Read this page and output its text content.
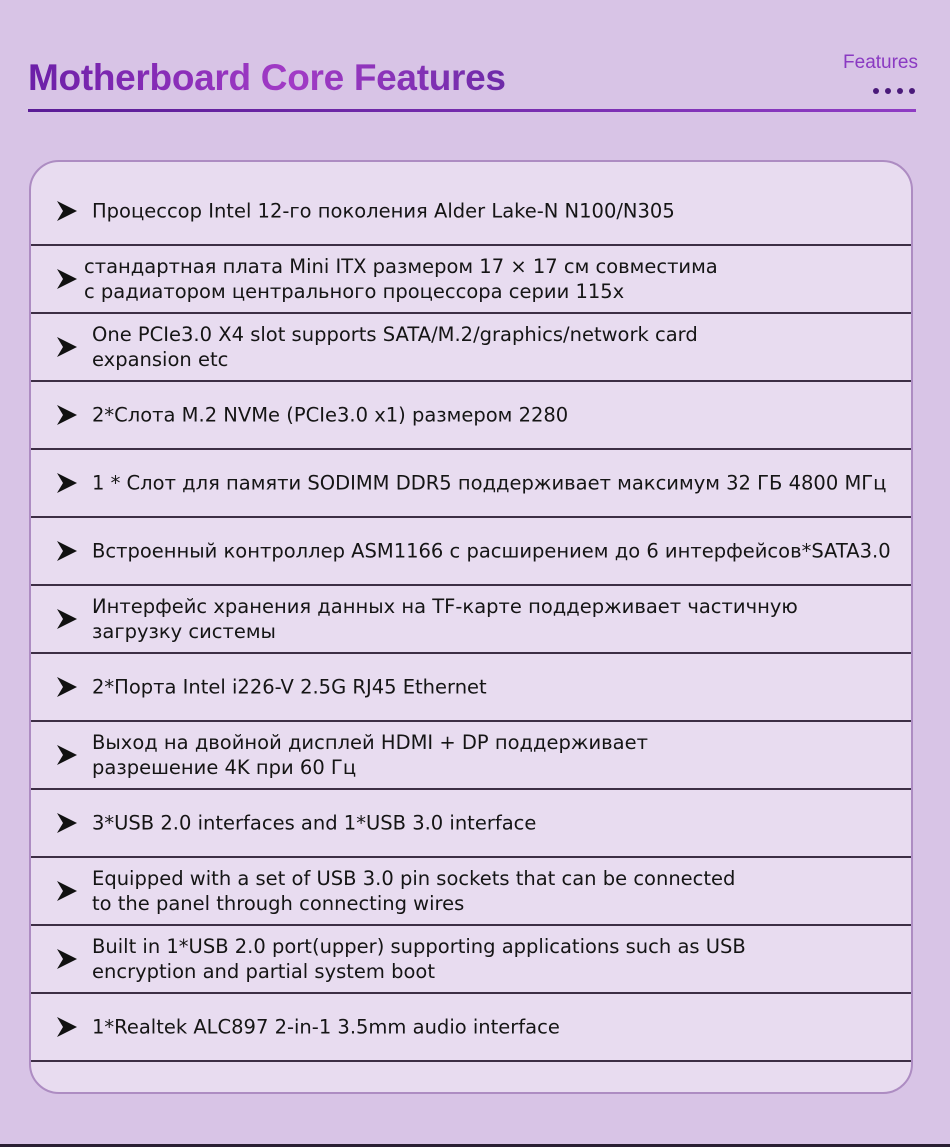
Motherboard Core Features	Features
Процессор Intel 12-го поколения Alder Lake-N N100/N305
стандартная плата Mini ITX размером 17 × 17 см совместима
с радиатором центрального процессора серии 115x
One PCIe3.0 X4 slot supports SATA/M.2/graphics/network card
expansion etc
2*Слота M.2 NVMe (PCIe3.0 x1) размером 2280
1 * Слот для памяти SODIMM DDR5 поддерживает максимум 32 ГБ 4800 МГц
Встроенный контроллер ASM1166 с расширением до 6 интерфейсов*SATA3.0
Интерфейс хранения данных на TF-карте поддерживает частичную
загрузку системы
2*Порта Intel i226-V 2.5G RJ45 Ethernet
Выход на двойной дисплей HDMI + DP поддерживает
разрешение 4K при 60 Гц
3*USB 2.0 interfaces and 1*USB 3.0 interface
Equipped with a set of USB 3.0 pin sockets that can be connected
to the panel through connecting wires
Built in 1*USB 2.0 port(upper) supporting applications such as USB
encryption and partial system boot
1*Realtek ALC897 2-in-1 3.5mm audio interface
